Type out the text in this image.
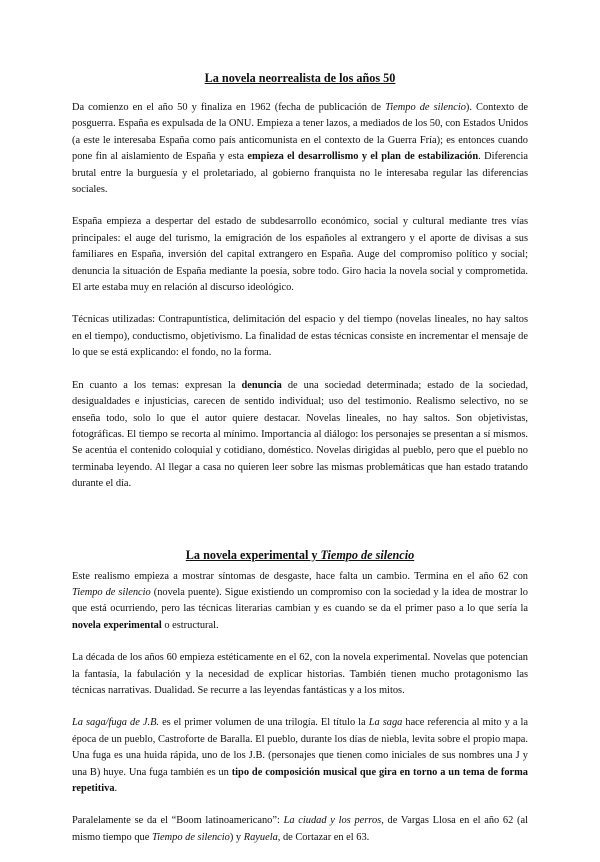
La novela neorrealista de los años 50

Da comienzo en el año 50 y finaliza en 1962 (fecha de publicación de Tiempo de silencio). Contexto de posguerra. España es expulsada de la ONU. Empieza a tener lazos, a mediados de los 50, con Estados Unidos (a este le interesaba España como país anticomunista en el contexto de la Guerra Fría); es entonces cuando pone fin al aislamiento de España y esta empieza el desarrollismo y el plan de estabilización. Diferencia brutal entre la burguesía y el proletariado, al gobierno franquista no le interesaba regular las diferencias sociales.

España empieza a despertar del estado de subdesarrollo económico, social y cultural mediante tres vías principales: el auge del turismo, la emigración de los españoles al extrangero y el aporte de divisas a sus familiares en España, inversión del capital extrangero en España. Auge del compromiso político y social; denuncia la situación de España mediante la poesía, sobre todo. Giro hacia la novela social y comprometida. El arte estaba muy en relación al discurso ideológico.

Técnicas utilizadas: Contrapuntística, delimitación del espacio y del tiempo (novelas lineales, no hay saltos en el tiempo), conductismo, objetivismo. La finalidad de estas técnicas consiste en incrementar el mensaje de lo que se está explicando: el fondo, no la forma.

En cuanto a los temas: expresan la denuncia de una sociedad determinada; estado de la sociedad, desigualdades e injusticias, carecen de sentido individual; uso del testimonio. Realismo selectivo, no se enseña todo, solo lo que el autor quiere destacar. Novelas lineales, no hay saltos. Son objetivistas, fotográficas. El tiempo se recorta al mínimo. Importancia al diálogo: los personajes se presentan a sí mismos. Se acentúa el contenido coloquial y cotidiano, doméstico. Novelas dirigidas al pueblo, pero que el pueblo no terminaba leyendo. Al llegar a casa no quieren leer sobre las mismas problemáticas que han estado tratando durante el día.

La novela experimental y Tiempo de silencio

Este realismo empieza a mostrar síntomas de desgaste, hace falta un cambio. Termina en el año 62 con Tiempo de silencio (novela puente). Sigue existiendo un compromiso con la sociedad y la idea de mostrar lo que está ocurriendo, pero las técnicas literarias cambian y es cuando se da el primer paso a lo que sería la novela experimental o estructural.

La década de los años 60 empieza estéticamente en el 62, con la novela experimental. Novelas que potencian la fantasía, la fabulación y la necesidad de explicar historias. También tienen mucho protagonismo las técnicas narrativas. Dualidad. Se recurre a las leyendas fantásticas y a los mitos.

La saga/fuga de J.B. es el primer volumen de una trilogía. El título la La saga hace referencia al mito y a la época de un pueblo, Castroforte de Baralla. El pueblo, durante los días de niebla, levita sobre el propio mapa. Una fuga es una huida rápida, uno de los J.B. (personajes que tienen como iniciales de sus nombres una J y una B) huye. Una fuga también es un tipo de composición musical que gira en torno a un tema de forma repetitiva.

Paralelamente se da el “Boom latinoamericano”: La ciudad y los perros, de Vargas Llosa en el año 62 (al mismo tiempo que Tiempo de silencio) y Rayuela, de Cortazar en el 63.
